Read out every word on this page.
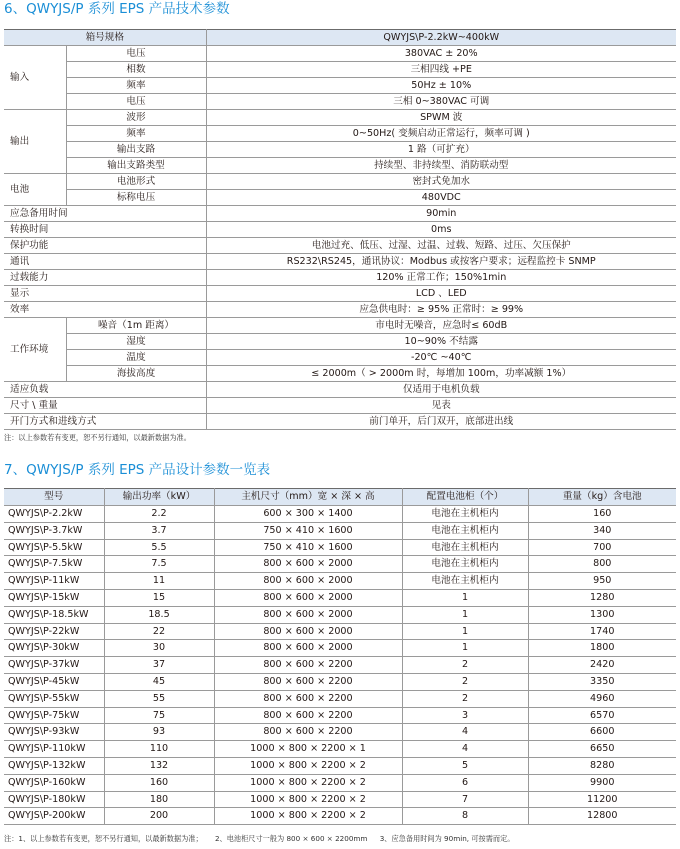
6、QWYJS/P 系列 EPS 产品技术参数
箱号规格		QWYJS\P-2.2kW~400kW
输入	电压	380VAC ± 20%
	相数	三相四线 +PE
	频率	50Hz ± 10%
	电压	三相 0~380VAC 可调
输出	波形	SPWM 波
	频率	0~50Hz( 变频启动正常运行，频率可调 )
	输出支路	1 路（可扩充）
	输出支路类型	持续型、非持续型、消防联动型
电池	电池形式	密封式免加水
	标称电压	480VDC
应急备用时间		90min
转换时间		0ms
保护功能		电池过充、低压、过湿、过温、过载、短路、过压、欠压保护
通讯		RS232\RS245，通讯协议：Modbus 或按客户要求；远程监控卡 SNMP
过载能力		120% 正常工作；150%1min
显示		LCD 、LED
效率		应急供电时：≥ 95% 正常时：≥ 99%
工作环境	噪音（1m 距离）	市电时无噪音，应急时≤ 60dB
	湿度	10~90% 不结露
	温度	-20℃ ~40℃
	海拔高度	≤ 2000m（ > 2000m 时，每增加 100m，功率减额 1%）
适应负载		仅适用于电机负载
尺寸 \ 重量		见表
开门方式和进线方式		前门单开，后门双开，底部进出线
注：以上参数若有变更，恕不另行通知，以最新数据为准。
7、QWYJS/P 系列 EPS 产品设计参数一览表
型号	输出功率（kW）	主机尺寸（mm）宽 × 深 × 高	配置电池柜（个）	重量（kg）含电池
QWYJS\P-2.2kW	2.2	600 × 300 × 1400	电池在主机柜内	160
QWYJS\P-3.7kW	3.7	750 × 410 × 1600	电池在主机柜内	340
QWYJS\P-5.5kW	5.5	750 × 410 × 1600	电池在主机柜内	700
QWYJS\P-7.5kW	7.5	800 × 600 × 2000	电池在主机柜内	800
QWYJS\P-11kW	11	800 × 600 × 2000	电池在主机柜内	950
QWYJS\P-15kW	15	800 × 600 × 2000	1	1280
QWYJS\P-18.5kW	18.5	800 × 600 × 2000	1	1300
QWYJS\P-22kW	22	800 × 600 × 2000	1	1740
QWYJS\P-30kW	30	800 × 600 × 2000	1	1800
QWYJS\P-37kW	37	800 × 600 × 2200	2	2420
QWYJS\P-45kW	45	800 × 600 × 2200	2	3350
QWYJS\P-55kW	55	800 × 600 × 2200	2	4960
QWYJS\P-75kW	75	800 × 600 × 2200	3	6570
QWYJS\P-93kW	93	800 × 600 × 2200	4	6600
QWYJS\P-110kW	110	1000 × 800 × 2200 × 1	4	6650
QWYJS\P-132kW	132	1000 × 800 × 2200 × 2	5	8280
QWYJS\P-160kW	160	1000 × 800 × 2200 × 2	6	9900
QWYJS\P-180kW	180	1000 × 800 × 2200 × 2	7	11200
QWYJS\P-200kW	200	1000 × 800 × 2200 × 2	8	12800
注：1、以上参数若有变更，恕不另行通知，以最新数据为准； 2、电池柜尺寸一般为 800 × 600 × 2200mm 3、应急备用时间为 90min, 可按需而定。
